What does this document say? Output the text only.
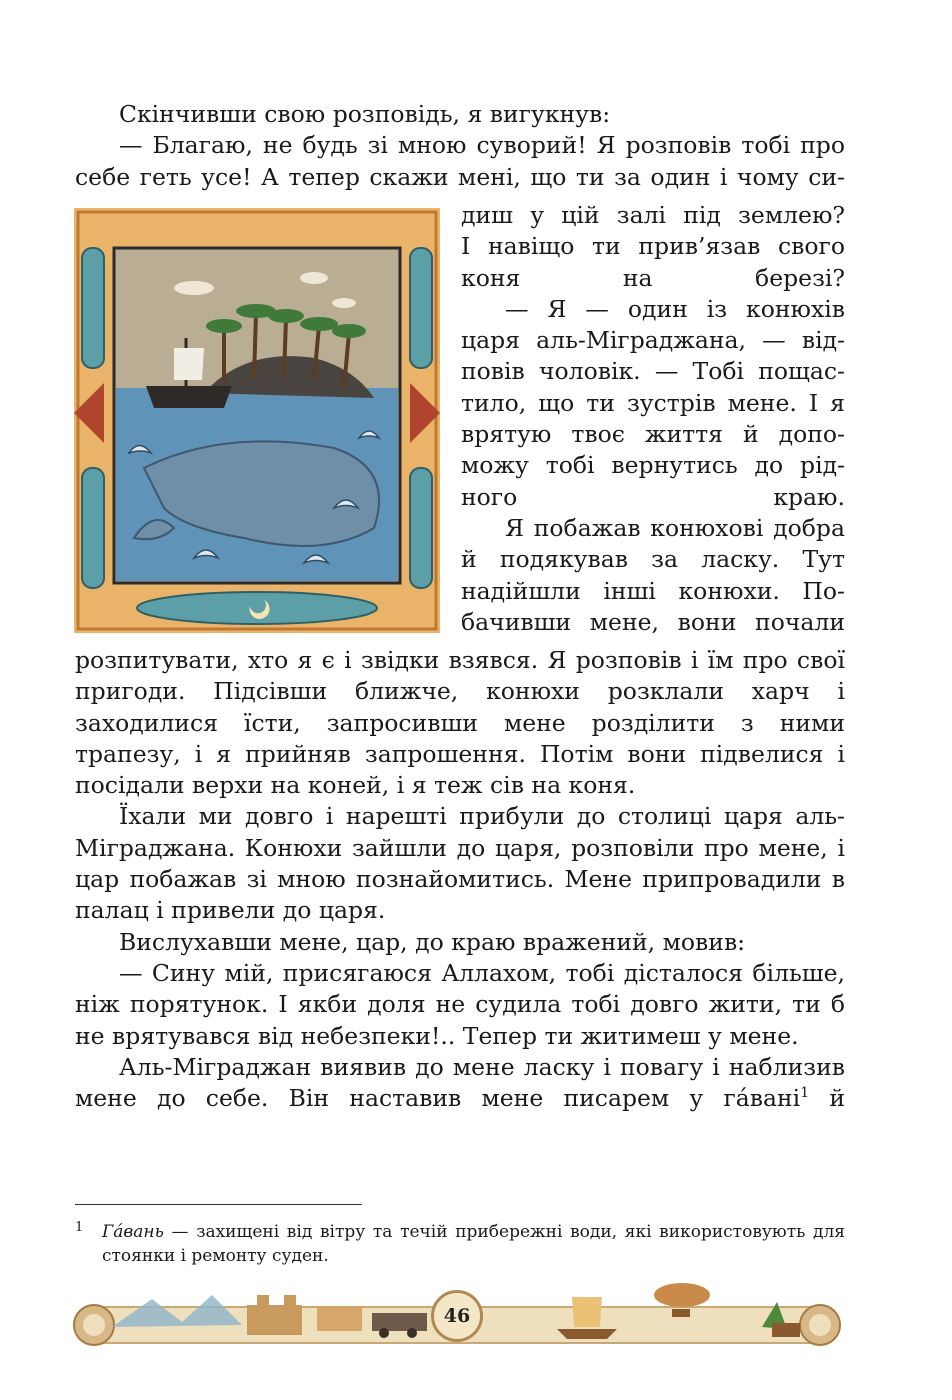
Скінчивши свою розповідь, я вигукнув:

— Благаю, не будь зі мною суворий! Я розповів тобі про себе геть усе! А тепер скажи мені, що ти за один і чому си-

диш у цій залі під землею?

І навіщо ти прив’язав свого

коня на березі?

— Я — один із конюхів

царя аль-Міграджана, — від-

повів чоловік. — Тобі пощас-

тило, що ти зустрів мене. І я

врятую твоє життя й допо-

можу тобі вернутись до рід-

ного краю.

Я побажав конюхові добра

й подякував за ласку. Тут

надійшли інші конюхи. По-

бачивши мене, вони почали

розпитувати, хто я є і звідки взявся. Я розповів і їм про свої пригоди. Підсівши ближче, конюхи розклали харч і заходилися їсти, запросивши мене розділити з ними трапезу, і я прийняв запрошення. Потім вони підвелися і посідали верхи на коней, і я теж сів на коня.

Їхали ми довго і нарешті прибули до столиці царя аль-Міграджана. Конюхи зайшли до царя, розповіли про мене, і цар побажав зі мною познайомитись. Мене припровадили в палац і привели до царя.

Вислухавши мене, цар, до краю вражений, мовив:

— Сину мій, присягаюся Аллахом, тобі дісталося більше, ніж порятунок. І якби доля не судила тобі довго жити, ти б не врятувався від небезпеки!.. Тепер ти житимеш у мене.

Аль-Міграджан виявив до мене ласку і повагу і наблизив мене до себе. Він наставив мене писарем у гáвані$^1$ й

1 Гáвань — захищені від вітру та течій прибережні води, які використовують для стоянки і ремонту суден.
46
